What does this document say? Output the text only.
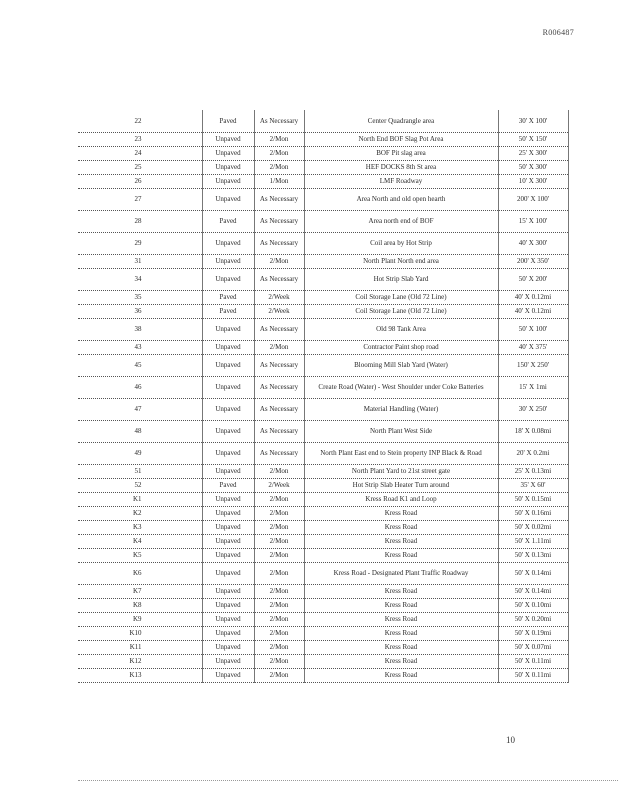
R006487
22	Paved	As Necessary	Center Quadrangle area	30' X 100'
23	Unpaved	2/Mon	North End BOF Slag Pot Area	50' X 150'
24	Unpaved	2/Mon	BOF Pit slag area	25' X 300'
25	Unpaved	2/Mon	HEF DOCKS 8th St area	50' X 300'
26	Unpaved	1/Mon	LMF Roadway	10' X 300'
27	Unpaved	As Necessary	Area North and old open hearth	200' X 100'
28	Paved	As Necessary	Area north end of BOF	15' X 100'
29	Unpaved	As Necessary	Coil area by Hot Strip	40' X 300'
31	Unpaved	2/Mon	North Plant North end area	200' X 350'
34	Unpaved	As Necessary	Hot Strip Slab Yard	50' X 200'
35	Paved	2/Week	Coil Storage Lane (Old 72 Line)	40' X 0.12mi
36	Paved	2/Week	Coil Storage Lane (Old 72 Line)	40' X 0.12mi
38	Unpaved	As Necessary	Old 98 Tank Area	50' X 100'
43	Unpaved	2/Mon	Contractor Paint shop road	40' X 375'
45	Unpaved	As Necessary	Blooming Mill Slab Yard (Water)	150' X 250'
46	Unpaved	As Necessary	Create Road (Water) - West Shoulder under Coke Batteries	15' X 1mi
47	Unpaved	As Necessary	Material Handling (Water)	30' X 250'
48	Unpaved	As Necessary	North Plant West Side	18' X 0.08mi
49	Unpaved	As Necessary	North Plant East end to Stein property INP Black & Road	20' X 0.2mi
51	Unpaved	2/Mon	North Plant Yard to 21st street gate	25' X 0.13mi
52	Paved	2/Week	Hot Strip Slab Heater Turn around	35' X 60'
K1	Unpaved	2/Mon	Kress Road K1 and Loop	50' X 0.15mi
K2	Unpaved	2/Mon	Kress Road	50' X 0.16mi
K3	Unpaved	2/Mon	Kress Road	50' X 0.02mi
K4	Unpaved	2/Mon	Kress Road	50' X 1.11mi
K5	Unpaved	2/Mon	Kress Road	50' X 0.13mi
K6	Unpaved	2/Mon	Kress Road - Designated Plant Traffic Roadway	50' X 0.14mi
K7	Unpaved	2/Mon	Kress Road	50' X 0.14mi
K8	Unpaved	2/Mon	Kress Road	50' X 0.10mi
K9	Unpaved	2/Mon	Kress Road	50' X 0.20mi
K10	Unpaved	2/Mon	Kress Road	50' X 0.19mi
K11	Unpaved	2/Mon	Kress Road	50' X 0.07mi
K12	Unpaved	2/Mon	Kress Road	50' X 0.11mi
K13	Unpaved	2/Mon	Kress Road	50' X 0.11mi
10
